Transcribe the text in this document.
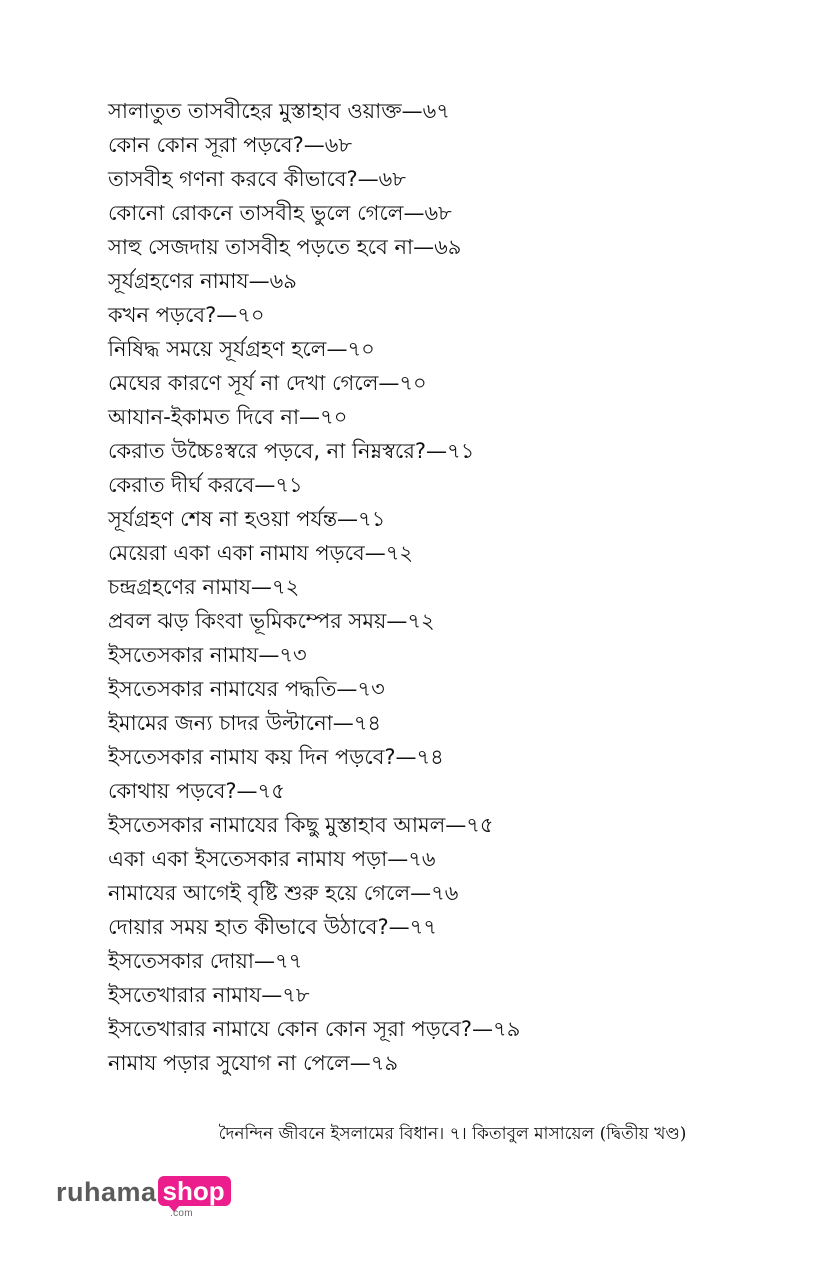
সালাতুত তাসবীহের মুস্তাহাব ওয়াক্ত—৬৭
কোন কোন সূরা পড়বে?—৬৮
তাসবীহ গণনা করবে কীভাবে?—৬৮
কোনো রোকনে তাসবীহ ভুলে গেলে—৬৮
সাহু সেজদায় তাসবীহ পড়তে হবে না—৬৯
সূর্যগ্রহণের নামায—৬৯
কখন পড়বে?—৭০
নিষিদ্ধ সময়ে সূর্যগ্রহণ হলে—৭০
মেঘের কারণে সূর্য না দেখা গেলে—৭০
আযান-ইকামত দিবে না—৭০
কেরাত উচ্চৈঃস্বরে পড়বে, না নিম্নস্বরে?—৭১
কেরাত দীর্ঘ করবে—৭১
সূর্যগ্রহণ শেষ না হওয়া পর্যন্ত—৭১
মেয়েরা একা একা নামায পড়বে—৭২
চন্দ্রগ্রহণের নামায—৭২
প্রবল ঝড় কিংবা ভূমিকম্পের সময়—৭২
ইসতেসকার নামায—৭৩
ইসতেসকার নামাযের পদ্ধতি—৭৩
ইমামের জন্য চাদর উল্টানো—৭৪
ইসতেসকার নামায কয় দিন পড়বে?—৭৪
কোথায় পড়বে?—৭৫
ইসতেসকার নামাযের কিছু মুস্তাহাব আমল—৭৫
একা একা ইসতেসকার নামায পড়া—৭৬
নামাযের আগেই বৃষ্টি শুরু হয়ে গেলে—৭৬
দোয়ার সময় হাত কীভাবে উঠাবে?—৭৭
ইসতেসকার দোয়া—৭৭
ইসতেখারার নামায—৭৮
ইসতেখারার নামাযে কোন কোন সূরা পড়বে?—৭৯
নামায পড়ার সুযোগ না পেলে—৭৯
দৈনন্দিন জীবনে ইসলামের বিধান। ৭। কিতাবুল মাসায়েল (দ্বিতীয় খণ্ড)
ruhama shop
.com
